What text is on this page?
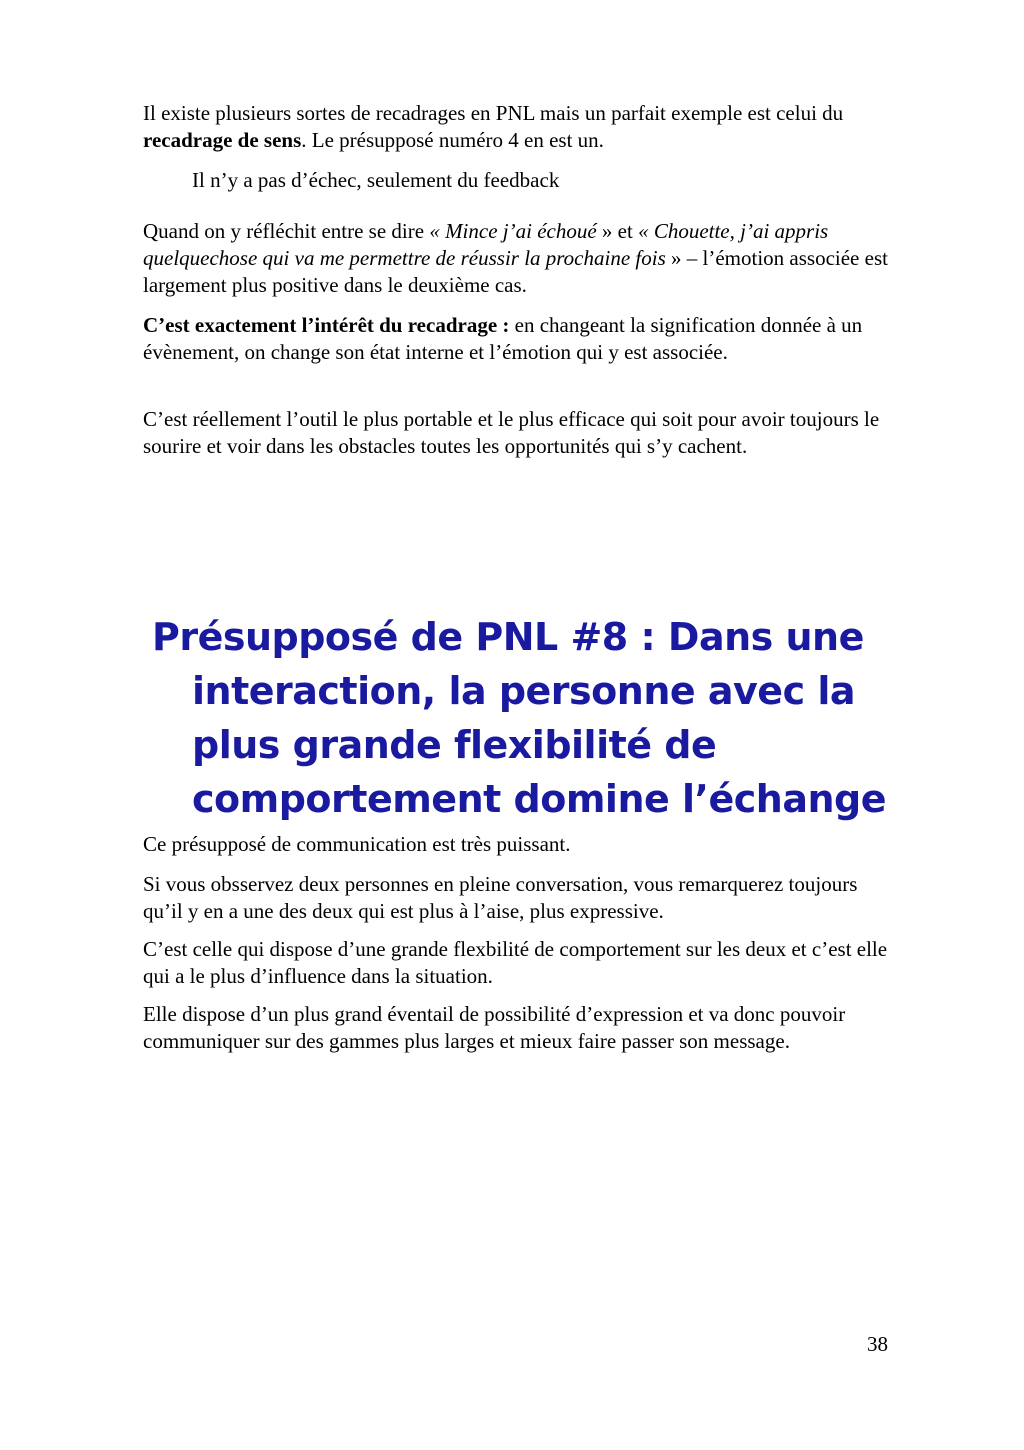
Il existe plusieurs sortes de recadrages en PNL mais un parfait exemple est celui du recadrage de sens. Le présupposé numéro 4 en est un.

Il n’y a pas d’échec, seulement du feedback

Quand on y réfléchit entre se dire « Mince j’ai échoué » et « Chouette, j’ai appris quelquechose qui va me permettre de réussir la prochaine fois » – l’émotion associée est largement plus positive dans le deuxième cas.

C’est exactement l’intérêt du recadrage : en changeant la signification donnée à un évènement, on change son état interne et l’émotion qui y est associée.

C’est réellement l’outil le plus portable et le plus efficace qui soit pour avoir toujours le sourire et voir dans les obstacles toutes les opportunités qui s’y cachent.

Présupposé de PNL #8 : Dans une interaction, la personne avec la plus grande flexibilité de comportement domine l’échange

Ce présupposé de communication est très puissant.

Si vous obsservez deux personnes en pleine conversation, vous remarquerez toujours qu’il y en a une des deux qui est plus à l’aise, plus expressive.

C’est celle qui dispose d’une grande flexbilité de comportement sur les deux et c’est elle qui a le plus d’influence dans la situation.

Elle dispose d’un plus grand éventail de possibilité d’expression et va donc pouvoir communiquer sur des gammes plus larges et mieux faire passer son message.

38
